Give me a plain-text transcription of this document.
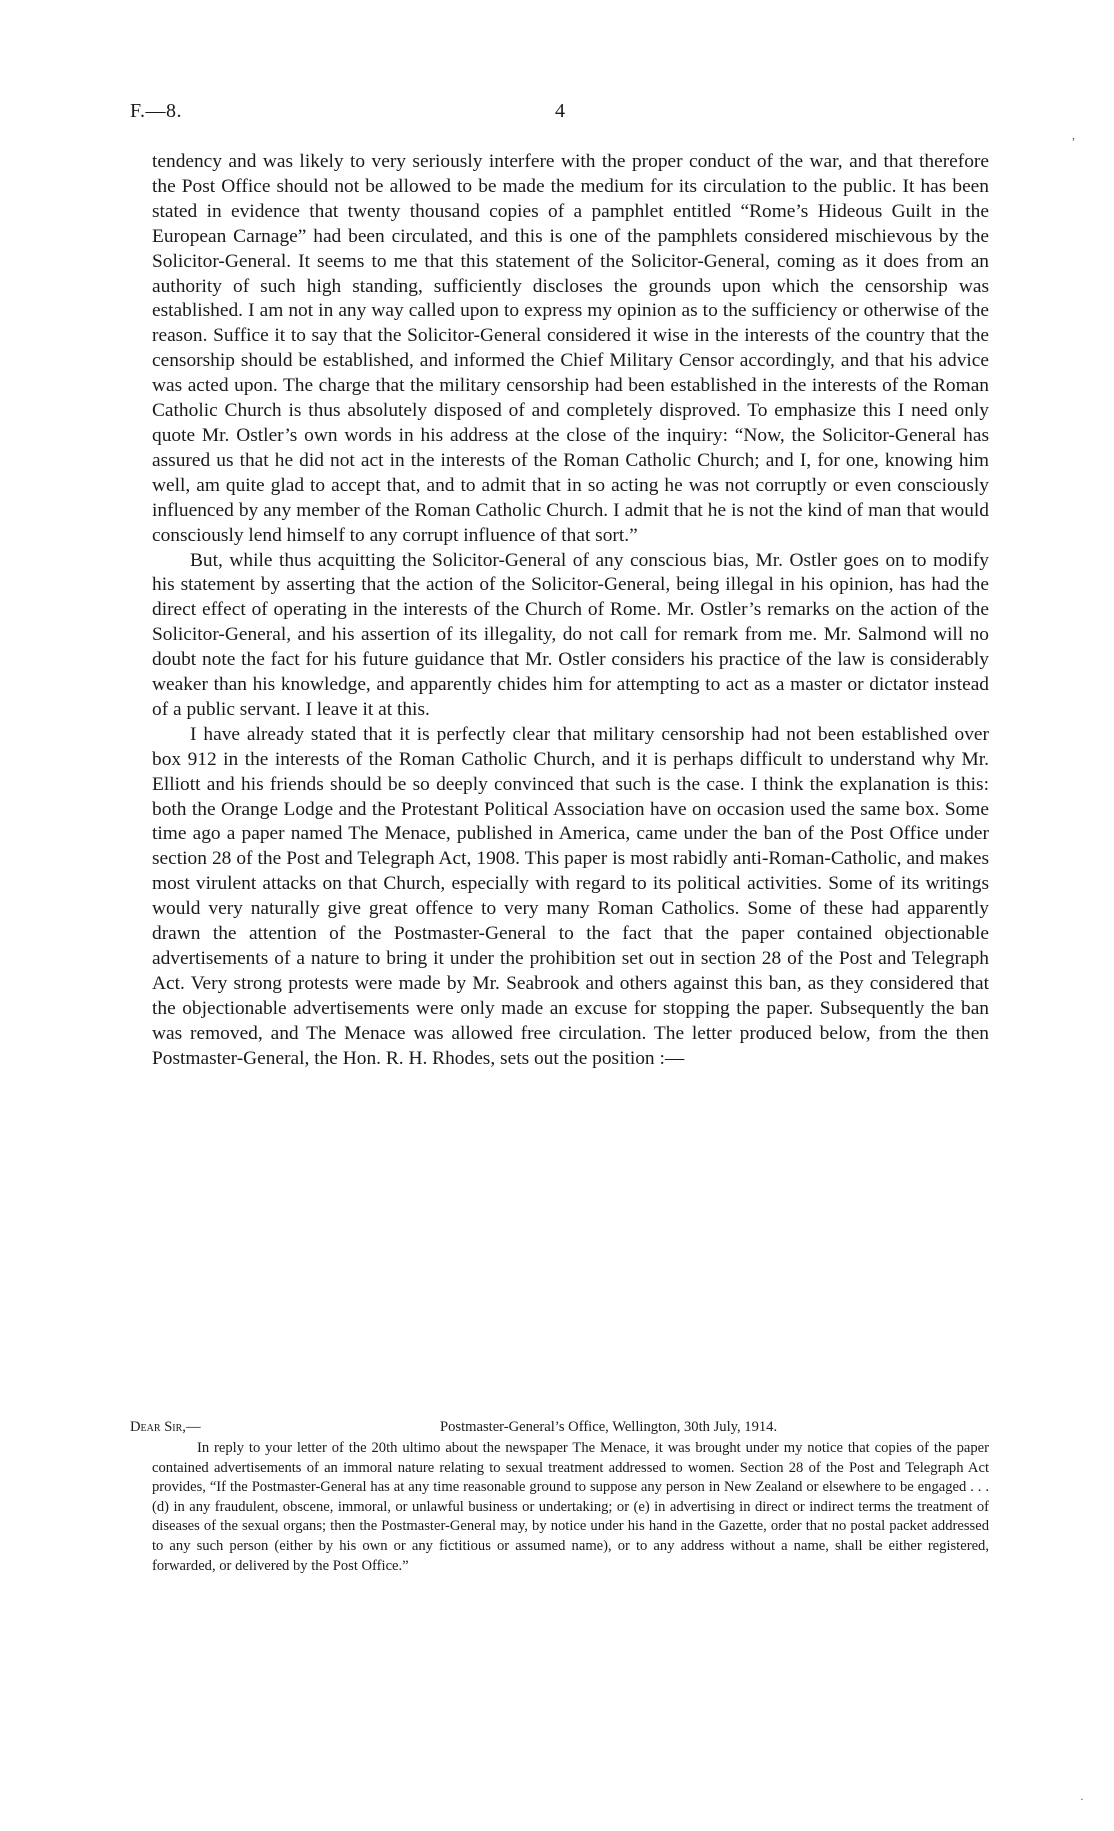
F.—8.	4

tendency and was likely to very seriously interfere with the proper conduct of the war, and that therefore the Post Office should not be allowed to be made the medium for its circulation to the public. It has been stated in evidence that twenty thousand copies of a pamphlet entitled “Rome’s Hideous Guilt in the European Carnage” had been circulated, and this is one of the pamphlets considered mischievous by the Solicitor-General. It seems to me that this statement of the Solicitor-General, coming as it does from an authority of such high standing, sufficiently discloses the grounds upon which the censorship was established. I am not in any way called upon to express my opinion as to the sufficiency or otherwise of the reason. Suffice it to say that the Solicitor-General considered it wise in the interests of the country that the censorship should be established, and informed the Chief Military Censor accordingly, and that his advice was acted upon. The charge that the military censorship had been established in the interests of the Roman Catholic Church is thus absolutely disposed of and completely disproved. To emphasize this I need only quote Mr. Ostler’s own words in his address at the close of the inquiry: “Now, the Solicitor-General has assured us that he did not act in the interests of the Roman Catholic Church; and I, for one, knowing him well, am quite glad to accept that, and to admit that in so acting he was not corruptly or even consciously influenced by any member of the Roman Catholic Church. I admit that he is not the kind of man that would consciously lend himself to any corrupt influence of that sort.”

But, while thus acquitting the Solicitor-General of any conscious bias, Mr. Ostler goes on to modify his statement by asserting that the action of the Solicitor-General, being illegal in his opinion, has had the direct effect of operating in the interests of the Church of Rome. Mr. Ostler’s remarks on the action of the Solicitor-General, and his assertion of its illegality, do not call for remark from me. Mr. Salmond will no doubt note the fact for his future guidance that Mr. Ostler considers his practice of the law is considerably weaker than his knowledge, and apparently chides him for attempting to act as a master or dictator instead of a public servant. I leave it at this.

I have already stated that it is perfectly clear that military censorship had not been established over box 912 in the interests of the Roman Catholic Church, and it is perhaps difficult to understand why Mr. Elliott and his friends should be so deeply convinced that such is the case. I think the explanation is this: both the Orange Lodge and the Protestant Political Association have on occasion used the same box. Some time ago a paper named The Menace, published in America, came under the ban of the Post Office under section 28 of the Post and Telegraph Act, 1908. This paper is most rabidly anti-Roman-Catholic, and makes most virulent attacks on that Church, especially with regard to its political activities. Some of its writings would very naturally give great offence to very many Roman Catholics. Some of these had apparently drawn the attention of the Postmaster-General to the fact that the paper contained objectionable advertisements of a nature to bring it under the prohibition set out in section 28 of the Post and Telegraph Act. Very strong protests were made by Mr. Seabrook and others against this ban, as they considered that the objectionable advertisements were only made an excuse for stopping the paper. Subsequently the ban was removed, and The Menace was allowed free circulation. The letter produced below, from the then Postmaster-General, the Hon. R. H. Rhodes, sets out the position :—

Dear Sir,—	Postmaster-General’s Office, Wellington, 30th July, 1914.

In reply to your letter of the 20th ultimo about the newspaper The Menace, it was brought under my notice that copies of the paper contained advertisements of an immoral nature relating to sexual treatment addressed to women. Section 28 of the Post and Telegraph Act provides, “If the Postmaster-General has at any time reasonable ground to suppose any person in New Zealand or elsewhere to be engaged . . . (d) in any fraudulent, obscene, immoral, or unlawful business or undertaking; or (e) in advertising in direct or indirect terms the treatment of diseases of the sexual organs; then the Postmaster-General may, by notice under his hand in the Gazette, order that no postal packet addressed to any such person (either by his own or any fictitious or assumed name), or to any address without a name, shall be either registered, forwarded, or delivered by the Post Office.”

,
·
